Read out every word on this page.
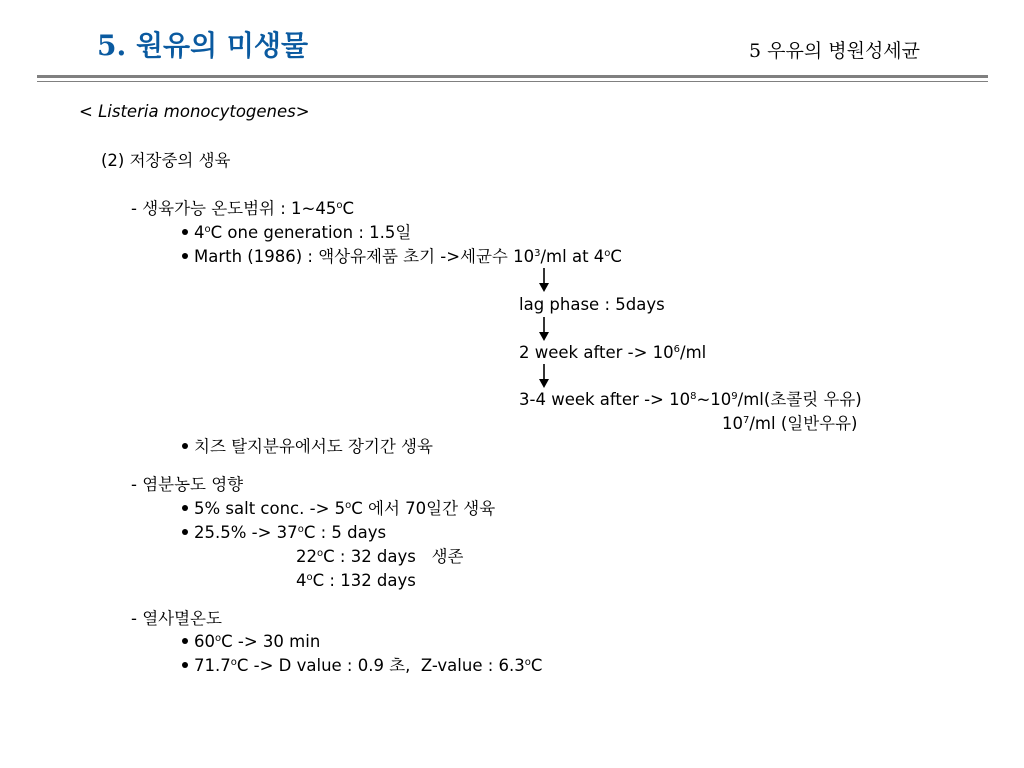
5. 원유의 미생물	5 우유의 병원성세균
< Listeria monocytogenes>
(2) 저장중의 생육
- 생육가능 온도범위 : 1~45$^o$C
4$^o$C one generation : 1.5일
Marth (1986) : 액상유제품 초기 ->세균수 $10^3/ml$ at 4$^o$C
lag phase : 5days
2 week after -> $10^6/ml$
3-4 week after -> $10^8\sim 10^9/ml$(초콜릿 우유)
$10^7/ml$ (일반우유)
치즈 탈지분유에서도 장기간 생육
- 염분농도 영향
5% salt conc. -> $5^oC$ 에서 70일간 생육
$25.5\% -> 37^oC$ : 5 days
22$^o$C : 32 days   생존
4$^o$C : 132 days
- 열사멸온도
60$^o$C -> 30 min
71.7$^o$C -> D value : 0.9 초,  Z-value : 6.3$^o$C
